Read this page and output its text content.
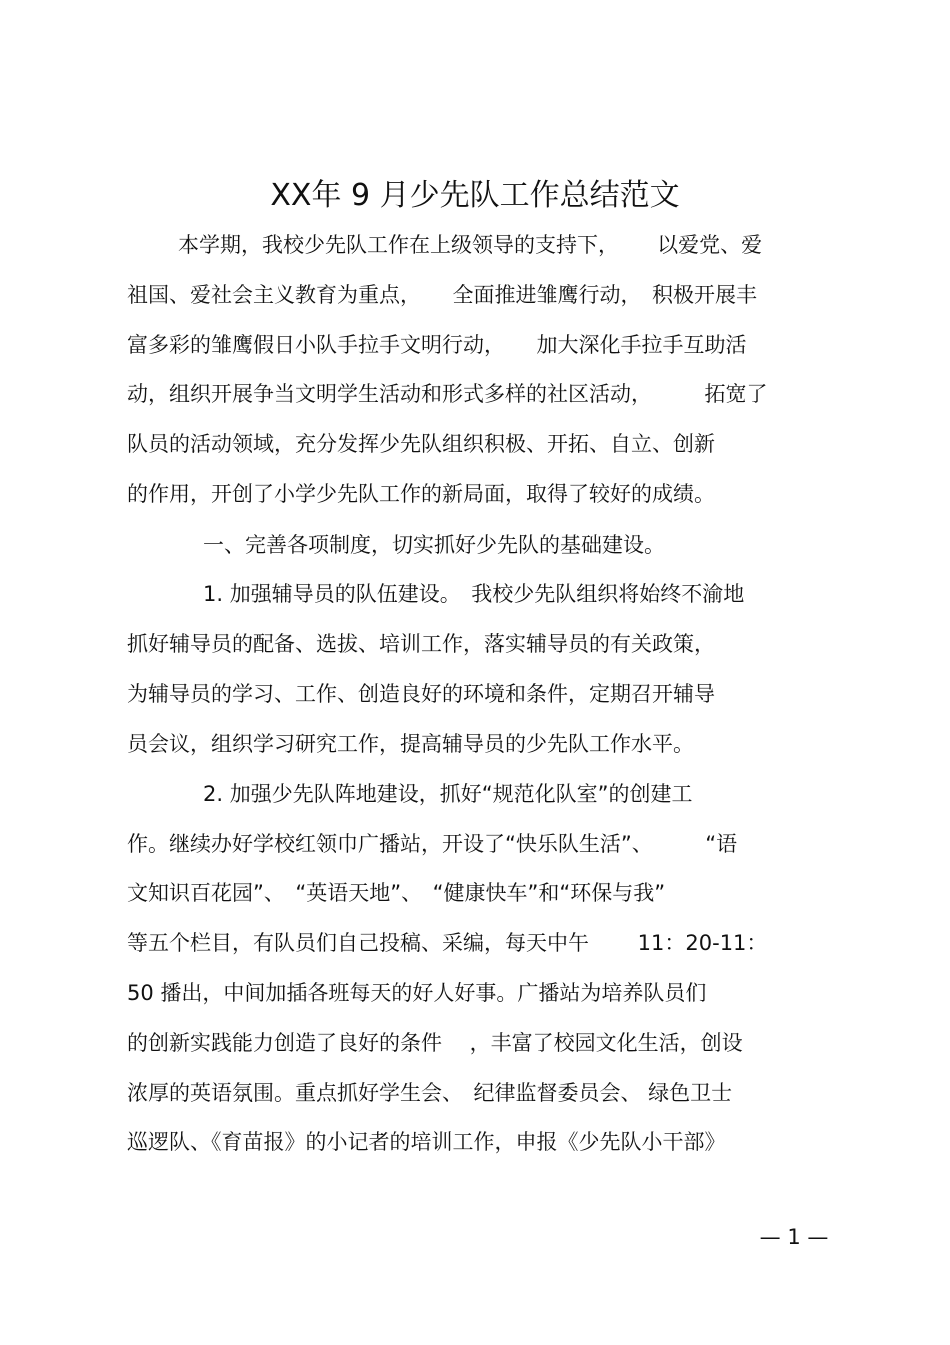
XX年 9 月少先队工作总结范文
本学期，我校少先队工作在上级领导的支持下，　　 以爱党、爱
祖国、爱社会主义教育为重点，　　全面推进雏鹰行动，　积极开展丰
富多彩的雏鹰假日小队手拉手文明行动，　　加大深化手拉手互助活
动，组织开展争当文明学生活动和形式多样的社区活动，　　　拓宽了
队员的活动领域，充分发挥少先队组织积极、开拓、自立、创新
的作用，开创了小学少先队工作的新局面，取得了较好的成绩。
一、完善各项制度，切实抓好少先队的基础建设。
1. 加强辅导员的队伍建设。　我校少先队组织将始终不渝地
抓好辅导员的配备、选拔、培训工作，落实辅导员的有关政策，
为辅导员的学习、工作、创造良好的环境和条件，定期召开辅导
员会议，组织学习研究工作，提高辅导员的少先队工作水平。
2. 加强少先队阵地建设，抓好“规范化队室”的创建工
作。继续办好学校红领巾广播站，开设了“快乐队生活”、　　　“语
文知识百花园”、　“英语天地”、　“健康快车”和“环保与我”
等五个栏目，有队员们自己投稿、采编，每天中午　　 11：20-11：
50 播出，中间加插各班每天的好人好事。广播站为培养队员们
的创新实践能力创造了良好的条件　 ，丰富了校园文化生活，创设
浓厚的英语氛围。重点抓好学生会、　纪律监督委员会、 绿色卫士
巡逻队、《育苗报》的小记者的培训工作，申报《少先队小干部》
— 1 —
